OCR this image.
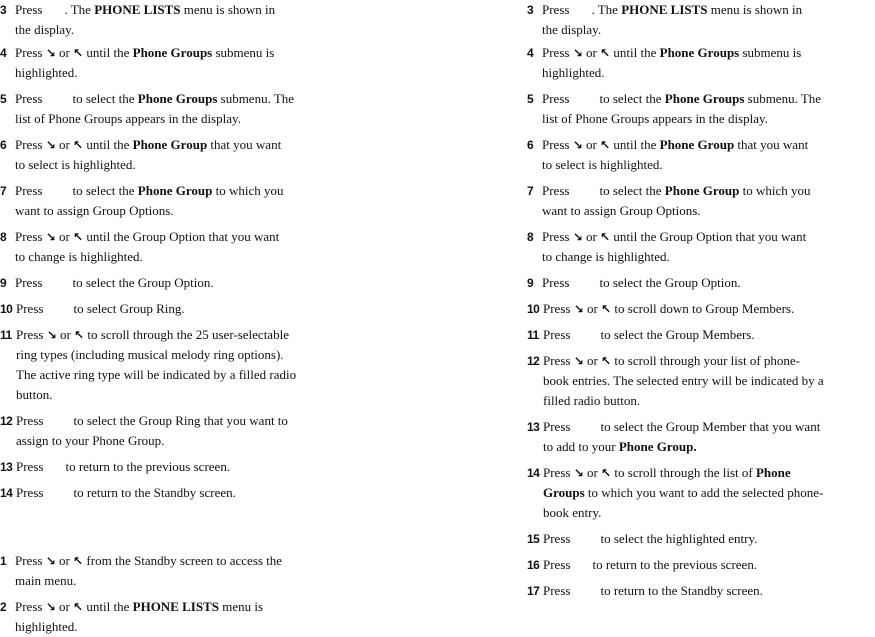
3 Press . The PHONE LISTS menu is shown in
the display.
4 Press ↘ or ↖ until the Phone Groups submenu is
highlighted.
5 Press to select the Phone Groups submenu. The
list of Phone Groups appears in the display.
6 Press ↘ or ↖ until the Phone Group that you want
to select is highlighted.
7 Press to select the Phone Group to which you
want to assign Group Options.
8 Press ↘ or ↖ until the Group Option that you want
to change is highlighted.
9 Press to select the Group Option.
10 Press to select Group Ring.
11 Press ↘ or ↖ to scroll through the 25 user-selectable
ring types (including musical melody ring options).
The active ring type will be indicated by a filled radio
button.
12 Press to select the Group Ring that you want to
assign to your Phone Group.
13 Press to return to the previous screen.
14 Press to return to the Standby screen.
1 Press ↘ or ↖ from the Standby screen to access the
main menu.
2 Press ↘ or ↖ until the PHONE LISTS menu is
highlighted.
3 Press . The PHONE LISTS menu is shown in
the display.
4 Press ↘ or ↖ until the Phone Groups submenu is
highlighted.
5 Press to select the Phone Groups submenu. The
list of Phone Groups appears in the display.
6 Press ↘ or ↖ until the Phone Group that you want
to select is highlighted.
7 Press to select the Phone Group to which you
want to assign Group Options.
8 Press ↘ or ↖ until the Group Option that you want
to change is highlighted.
9 Press to select the Group Option.
10 Press ↘ or ↖ to scroll down to Group Members.
11 Press to select the Group Members.
12 Press ↘ or ↖ to scroll through your list of phone-
book entries. The selected entry will be indicated by a
filled radio button.
13 Press to select the Group Member that you want
to add to your Phone Group.
14 Press ↘ or ↖ to scroll through the list of Phone
Groups to which you want to add the selected phone-
book entry.
15 Press to select the highlighted entry.
16 Press to return to the previous screen.
17 Press to return to the Standby screen.
